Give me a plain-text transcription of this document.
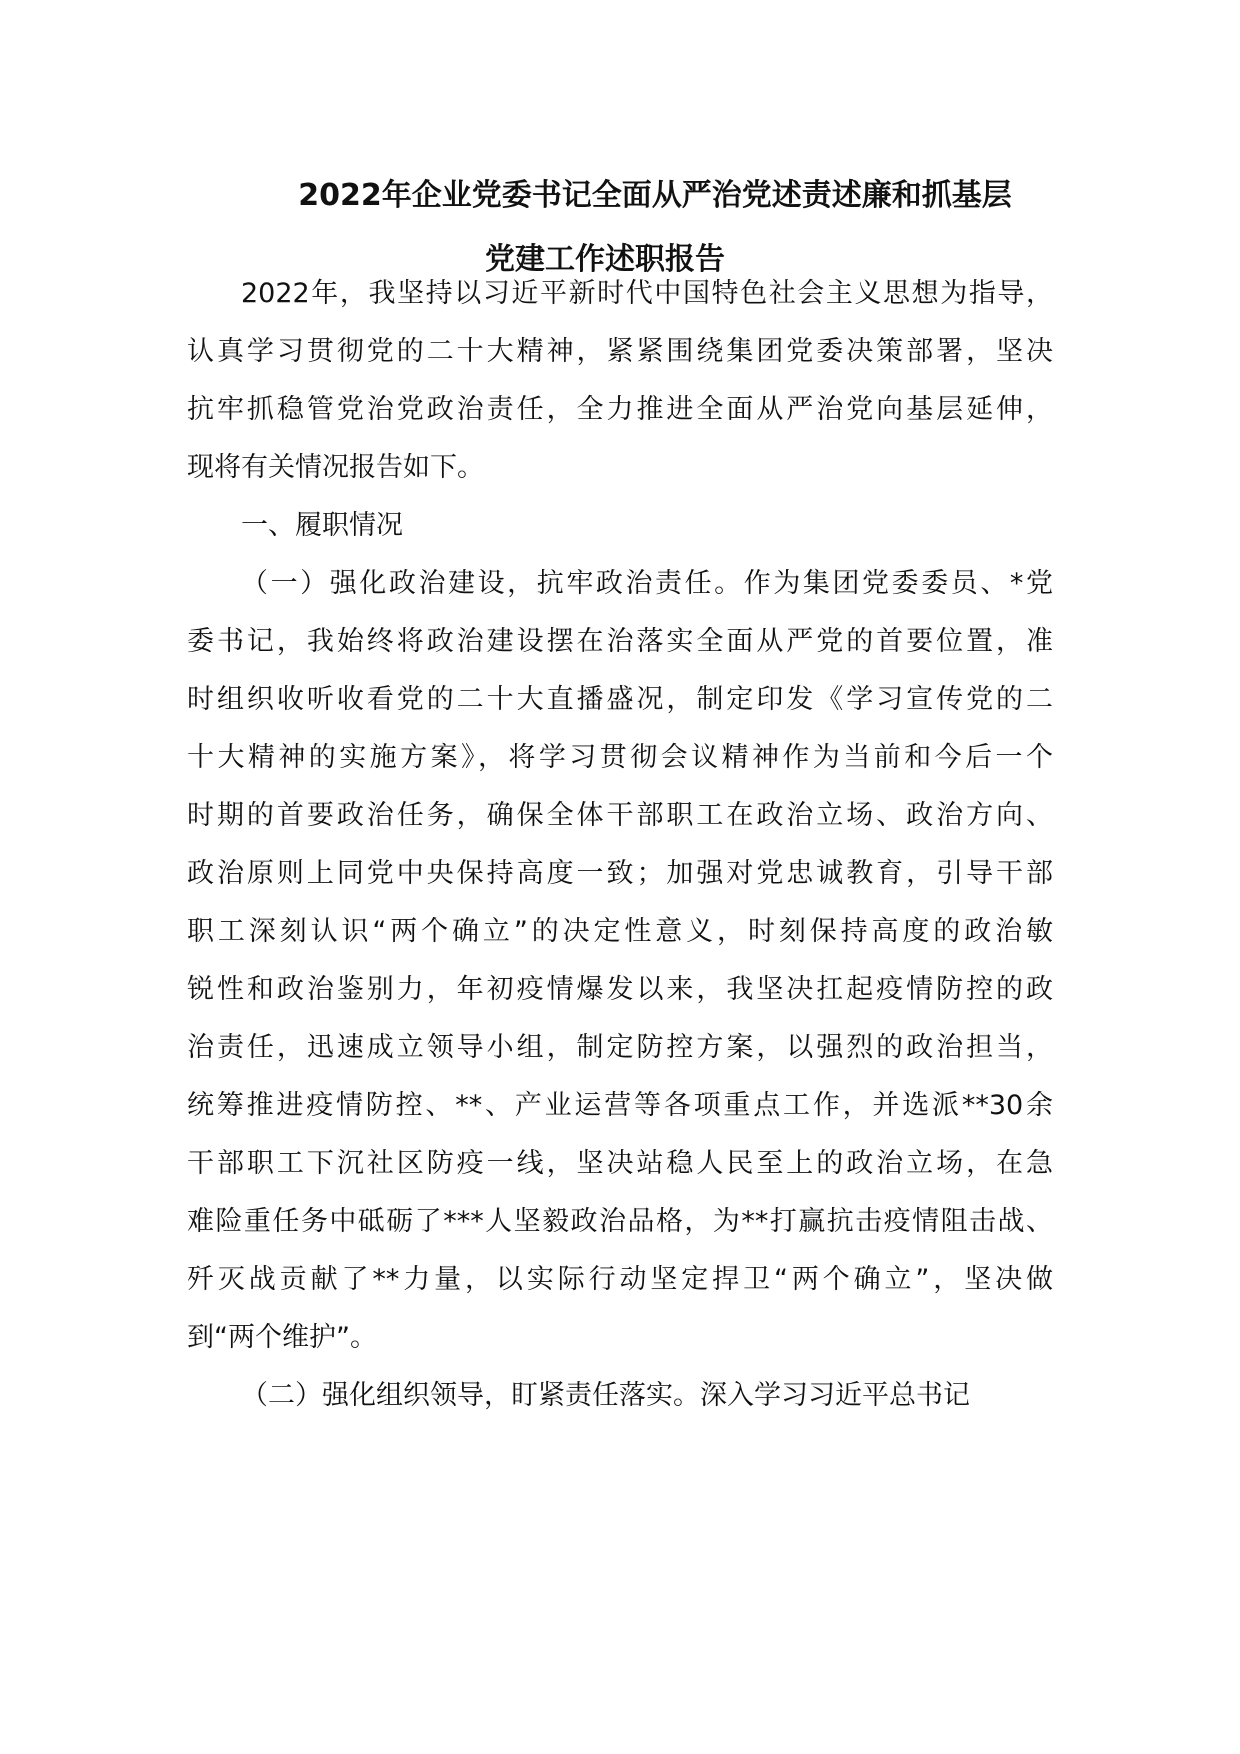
2022年企业党委书记全面从严治党述责述廉和抓基层
党建工作述职报告
2022年，我坚持以习近平新时代中国特色社会主义思想为指导，
认真学习贯彻党的二十大精神，紧紧围绕集团党委决策部署，坚决
抗牢抓稳管党治党政治责任，全力推进全面从严治党向基层延伸，
现将有关情况报告如下。
一、履职情况
（一）强化政治建设，抗牢政治责任。作为集团党委委员、*党
委书记，我始终将政治建设摆在治落实全面从严党的首要位置，准
时组织收听收看党的二十大直播盛况，制定印发《学习宣传党的二
十大精神的实施方案》，将学习贯彻会议精神作为当前和今后一个
时期的首要政治任务，确保全体干部职工在政治立场、政治方向、
政治原则上同党中央保持高度一致；加强对党忠诚教育，引导干部
职工深刻认识“两个确立”的决定性意义，时刻保持高度的政治敏
锐性和政治鉴别力，年初疫情爆发以来，我坚决扛起疫情防控的政
治责任，迅速成立领导小组，制定防控方案，以强烈的政治担当，
统筹推进疫情防控、**、产业运营等各项重点工作，并选派**30余
干部职工下沉社区防疫一线，坚决站稳人民至上的政治立场，在急
难险重任务中砥砺了***人坚毅政治品格，为**打赢抗击疫情阻击战、
歼灭战贡献了**力量，以实际行动坚定捍卫“两个确立”，坚决做
到“两个维护”。
（二）强化组织领导，盯紧责任落实。深入学习习近平总书记
